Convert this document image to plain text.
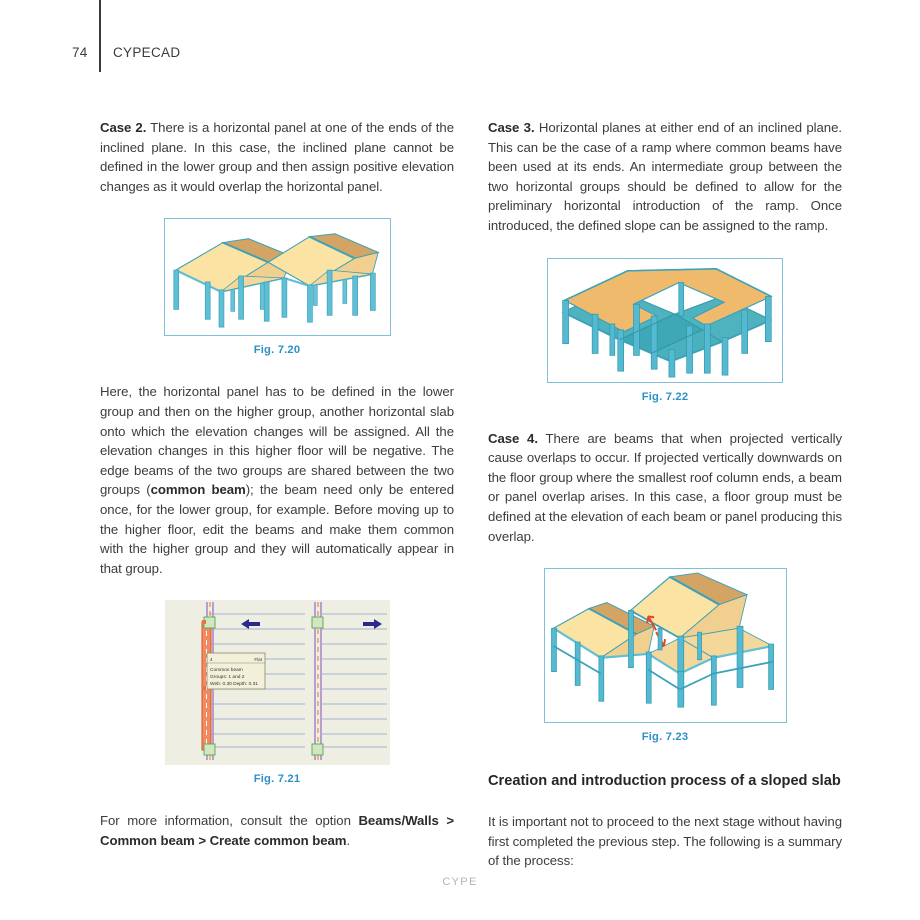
74 CYPECAD

Case 2. There is a horizontal panel at one of the ends of the inclined plane. In this case, the inclined plane cannot be defined in the lower group and then assign positive elevation changes as it would overlap the horizontal panel.

Fig. 7.20

Here, the horizontal panel has to be defined in the lower group and then on the higher group, another horizontal slab onto which the elevation changes will be assigned. All the elevation changes in this higher floor will be negative. The edge beams of the two groups are shared between the two groups (common beam); the beam need only be entered once, for the lower group, for example. Before moving up to the higher floor, edit the beams and make them common with the higher group and they will automatically appear in that group.

4	Flat
Common beam
Groups: 1 and 2
Web: 0.30 Depth: 0.31
Fig. 7.21

For more information, consult the option Beams/Walls > Common beam > Create common beam.

Case 3. Horizontal planes at either end of an inclined plane. This can be the case of a ramp where common beams have been used at its ends. An intermediate group between the two horizontal groups should be defined to allow for the preliminary horizontal introduction of the ramp. Once introduced, the defined slope can be assigned to the ramp.

Fig. 7.22

Case 4. There are beams that when projected vertically cause overlaps to occur. If projected vertically downwards on the floor group where the smallest roof column ends, a beam or panel overlap arises. In this case, a floor group must be defined at the elevation of each beam or panel producing this overlap.

Fig. 7.23
Creation and introduction process of a sloped slab

It is important not to proceed to the next stage without having first completed the previous step. The following is a summary of the process:

CYPE
